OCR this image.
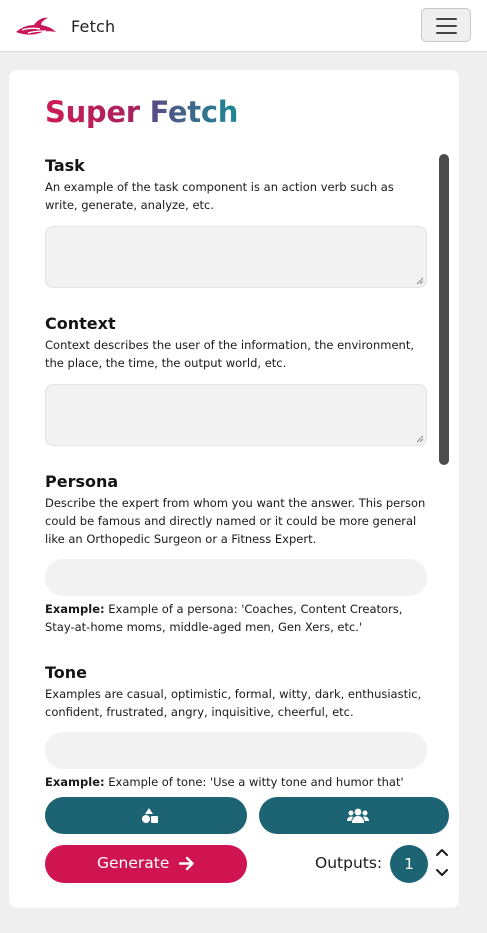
Fetch
Super Fetch
Task
An example of the task component is an action verb such as write, generate, analyze, etc.
Context
Context describes the user of the information, the environment, the place, the time, the output world, etc.
Persona
Describe the expert from whom you want the answer. This person could be famous and directly named or it could be more general like an Orthopedic Surgeon or a Fitness Expert.
Example: Example of a persona: 'Coaches, Content Creators, Stay-at-home moms, middle-aged men, Gen Xers, etc.'
Tone
Examples are casual, optimistic, formal, witty, dark, enthusiastic, confident, frustrated, angry, inquisitive, cheerful, etc.
Example: Example of tone: 'Use a witty tone and humor that'
Generate	Outputs:	1
